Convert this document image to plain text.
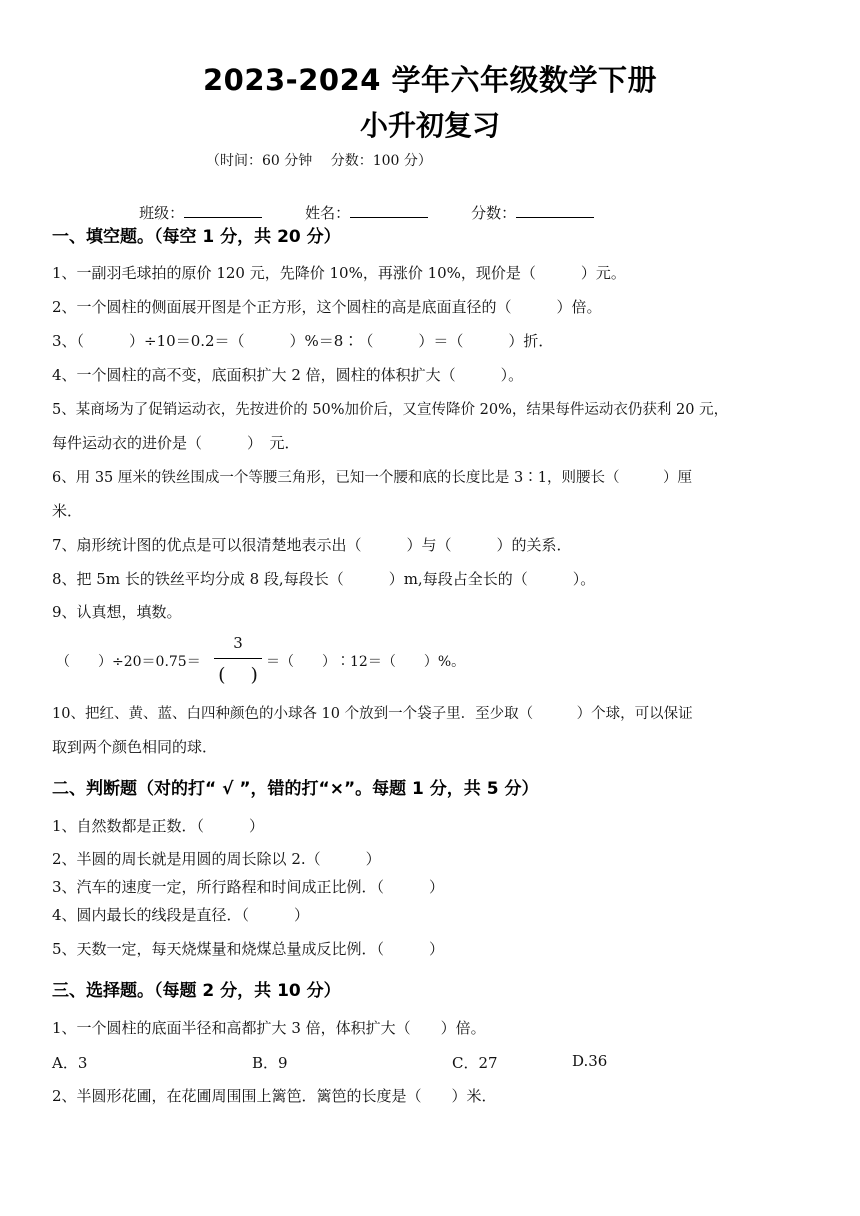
2023-2024 学年六年级数学下册
小升初复习
（时间：60 分钟　 分数：100 分）

班级：
	姓名：
	分数：

一、填空题。（每空 1 分，共 20 分）
1、一副羽毛球拍的原价 120 元，先降价 10%，再涨价 10%，现价是（　　　）元。
2、一个圆柱的侧面展开图是个正方形，这个圆柱的高是底面直径的（　　　）倍。
3、（　　　）÷10＝0.2＝（　　　）%＝8∶（　　　）＝（　　　）折．
4、一个圆柱的高不变，底面积扩大 2 倍，圆柱的体积扩大（　　　）。
5、某商场为了促销运动衣，先按进价的 50%加价后，又宣传降价 20%，结果每件运动衣仍获利 20 元，
每件运动衣的进价是（　　　）　元．
6、用 35 厘米的铁丝围成一个等腰三角形，已知一个腰和底的长度比是 3∶1，则腰长（　　　）厘
米．
7、扇形统计图的优点是可以很清楚地表示出（　　　）与（　　　）的关系．
8、把 5m 长的铁丝平均分成 8 段,每段长（　　　）m,每段占全长的（　　　）。
9、认真想，填数。
（　　）÷20＝0.75＝
3
(　 )
＝（　　）∶12＝（　　）%。
10、把红、黄、蓝、白四种颜色的小球各 10 个放到一个袋子里．至少取（　　　）个球，可以保证
取到两个颜色相同的球．
二、判断题（对的打“ √ ”，错的打“×”。每题 1 分，共 5 分）
1、自然数都是正数．（　　　）
2、半圆的周长就是用圆的周长除以 2.（　　　）
3、汽车的速度一定，所行路程和时间成正比例．（　　　）
4、圆内最长的线段是直径．（　　　）
5、天数一定，每天烧煤量和烧煤总量成反比例．（　　　）
三、选择题。（每题 2 分，共 10 分）
1、一个圆柱的底面半径和高都扩大 3 倍，体积扩大（　　）倍。
A．3	B．9	C．27	D.36
2、半圆形花圃，在花圃周围围上篱笆．篱笆的长度是（　　）米．
